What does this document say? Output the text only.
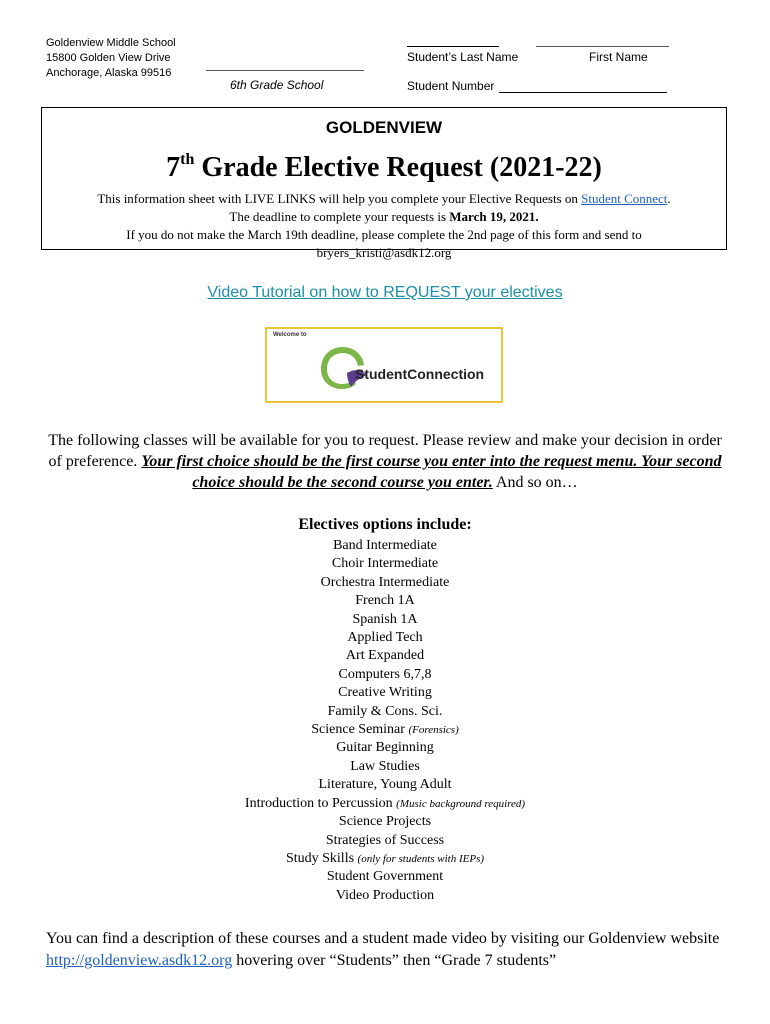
Goldenview Middle School
15800 Golden View Drive
Anchorage, Alaska 99516
6th Grade School
Student’s Last Name	First Name
Student Number
GOLDENVIEW
7th Grade Elective Request (2021-22)
This information sheet with LIVE LINKS will help you complete your Elective Requests on Student Connect.
The deadline to complete your requests is March 19, 2021.
If you do not make the March 19th deadline, please complete the 2nd page of this form and send to
bryers_kristi@asdk12.org
Video Tutorial on how to REQUEST your electives
Welcome to
StudentConnection
The following classes will be available for you to request. Please review and make your decision in order of preference. Your first choice should be the first course you enter into the request menu. Your second choice should be the second course you enter. And so on…
Electives options include:
Band Intermediate
Choir Intermediate
Orchestra Intermediate
French 1A
Spanish 1A
Applied Tech
Art Expanded
Computers 6,7,8
Creative Writing
Family & Cons. Sci.
Science Seminar (Forensics)
Guitar Beginning
Law Studies
Literature, Young Adult
Introduction to Percussion (Music background required)
Science Projects
Strategies of Success
Study Skills (only for students with IEPs)
Student Government
Video Production
You can find a description of these courses and a student made video by visiting our Goldenview website http://goldenview.asdk12.org hovering over “Students” then “Grade 7 students”
